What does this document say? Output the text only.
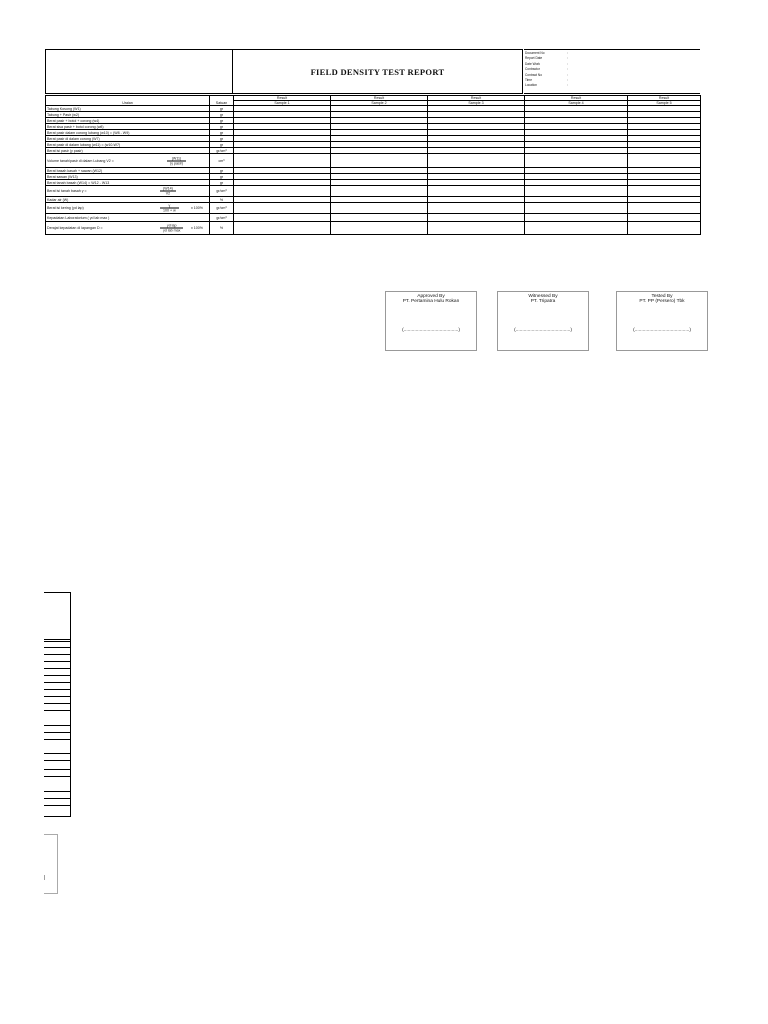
FIELD DENSITY TEST REPORT
Document No	:
Report Date	:
Date Work	:
Contractor	:
Contract No	:
Time	:
Location	:
Uraian	Satuan	Result	Result	Result	Result	Result
		Sample 1	Sample 2	Sample 3	Sample 4	Sample 5
Tabung Kosong (W1)	gr					
Tabung + Pasir (w2)	gr					
Berat pasir + botol + corong (w4)	gr					
Berat sisa pasir + botol corong (w8)	gr					
Berat pasir dalam corong lubang (w10) = (W8 - W9)	gr					
Berat pasir di dalam corong (W7)	gr					
Berat pasir di dalam lubang (w11) = (w10-W7)	gr					
Berat isi pasir (γ pasir)	gr/cm³					

Volume tanah/pasir di dalam Lubang V2 =
(W11)
(γ pasir)	cm³					
Berat basah kasah + sawan (W12)	gr					
Berat sawan (W13)	gr					
Berat tanah basah (W14) = W12 - W13	gr					

Berat isi tanah basah $\gamma = \frac{(W14)}{V2}$	gr/cm³					
Kadar air (W)	%					

Berat isi kering (γd $lap) \frac{\gamma}{100 + w}$ x 100%	gr/cm³					
Kepadatan Laboratorium ( γd lab max )	gr/cm³					

Derajat kepadatan di lapangan D =
γd lap
γd lab max
x 100%	%					
Approved By
PT. Pertamina Hulu Rokan
(.........................................)
Witnessed By
PT. Tripatra
(.........................................)
Tested By
PT. PP (Persero) Tbk
(.........................................)
|
